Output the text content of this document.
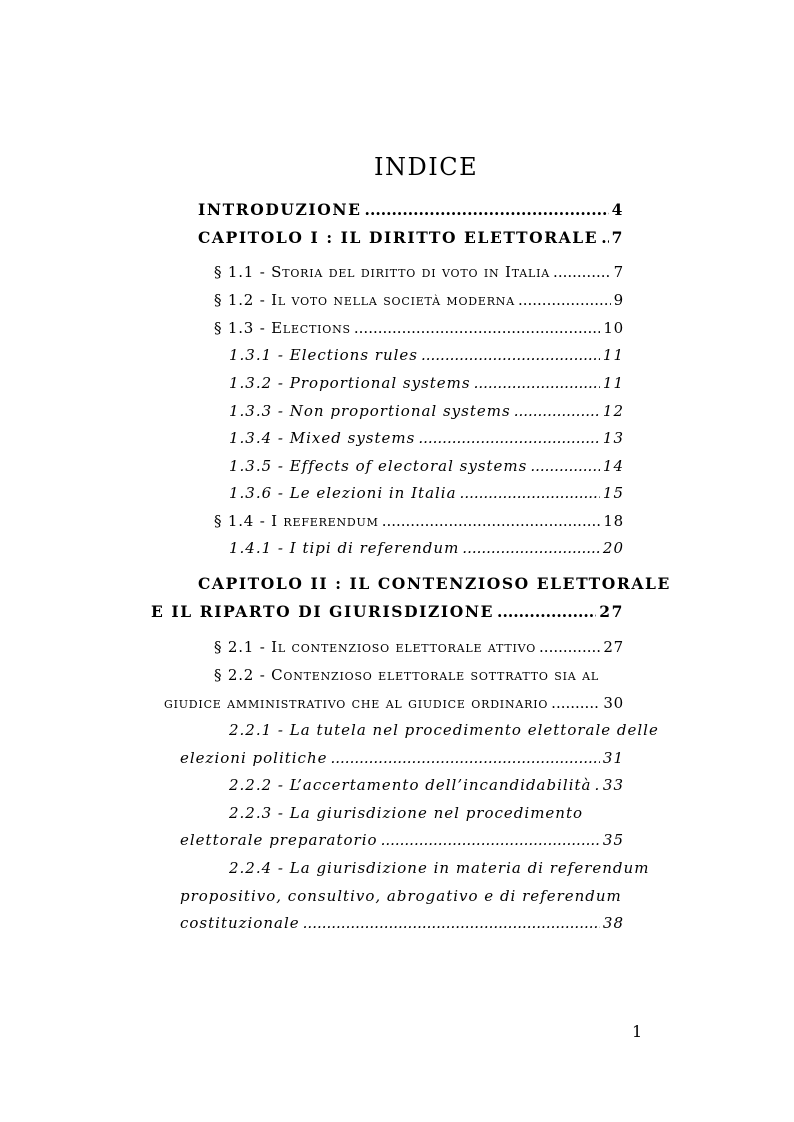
INDICE
INTRODUZIONE .....	4
CAPITOLO I : IL DIRITTO ELETTORALE ..... 7
§ 1.1 - Storia del diritto di voto in Italia .....	7
§ 1.2 - Il voto nella società moderna .....	9
§ 1.3 - Elections .....	10
1.3.1 - Elections rules .....	11
1.3.2 - Proportional systems .....	11
1.3.3 - Non proportional systems .....	12
1.3.4 - Mixed systems .....	13
1.3.5 - Effects of electoral systems .....	14
1.3.6 - Le elezioni in Italia .....	15
§ 1.4 - I referendum .....	18
1.4.1 - I tipi di referendum .....	20
CAPITOLO II : IL CONTENZIOSO ELETTORALE
E IL RIPARTO DI GIURISDIZIONE .....	27
§ 2.1 - Il contenzioso elettorale attivo .....	27
§ 2.2 - Contenzioso elettorale sottratto sia al
giudice amministrativo che al giudice ordinario .....	30
2.2.1 - La tutela nel procedimento elettorale delle
elezioni politiche .....	31
2.2.2 - L’accertamento dell’incandidabilità ..... 33
2.2.3 - La giurisdizione nel procedimento
elettorale preparatorio .....	35
2.2.4 - La giurisdizione in materia di referendum
propositivo, consultivo, abrogativo e di referendum
costituzionale .....	38
1
